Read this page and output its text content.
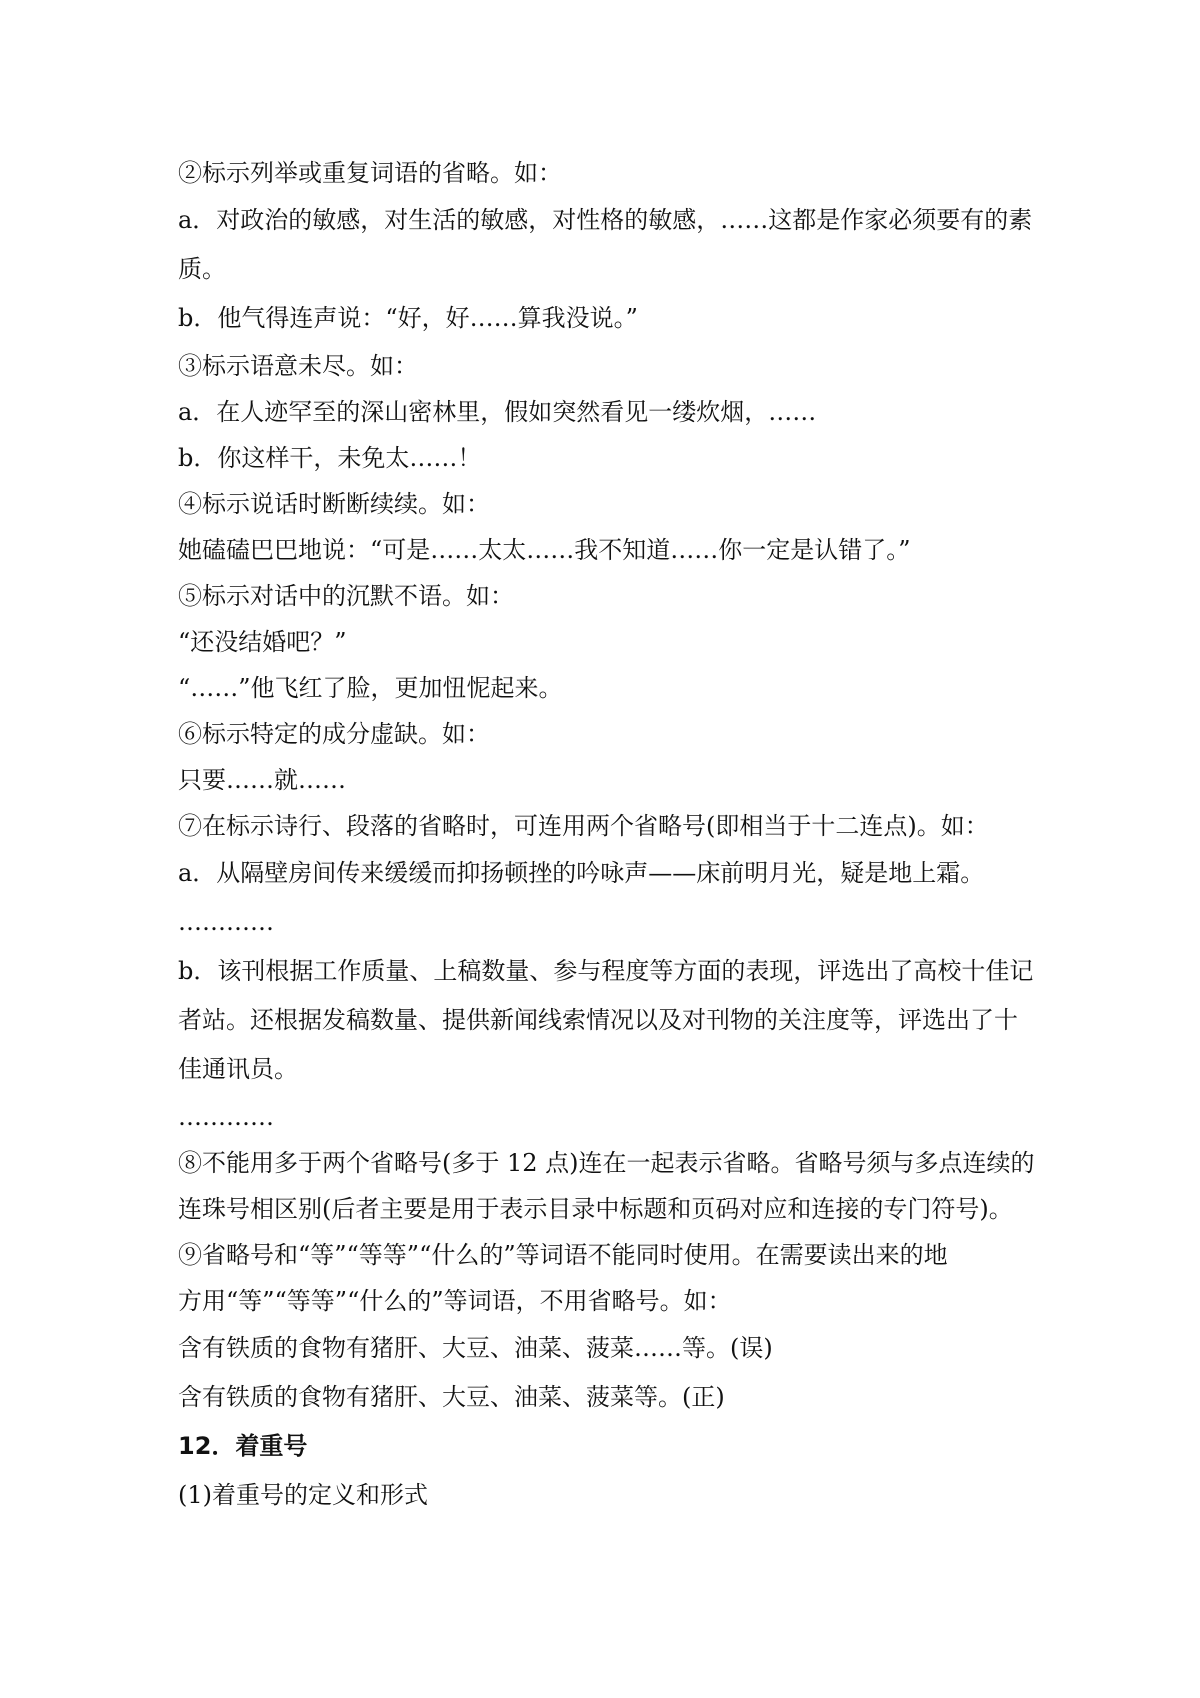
②标示列举或重复词语的省略。如：
a．对政治的敏感，对生活的敏感，对性格的敏感，……这都是作家必须要有的素
质。
b．他气得连声说：“好，好……算我没说。”
③标示语意未尽。如：
a．在人迹罕至的深山密林里，假如突然看见一缕炊烟，……
b．你这样干，未免太……！
④标示说话时断断续续。如：
她磕磕巴巴地说：“可是……太太……我不知道……你一定是认错了。”
⑤标示对话中的沉默不语。如：
“还没结婚吧？”
“……”他飞红了脸，更加忸怩起来。
⑥标示特定的成分虚缺。如：
只要……就……
⑦在标示诗行、段落的省略时，可连用两个省略号(即相当于十二连点)。如：
a．从隔壁房间传来缓缓而抑扬顿挫的吟咏声——床前明月光，疑是地上霜。
…………
b．该刊根据工作质量、上稿数量、参与程度等方面的表现，评选出了高校十佳记
者站。还根据发稿数量、提供新闻线索情况以及对刊物的关注度等，评选出了十
佳通讯员。
…………
⑧不能用多于两个省略号(多于 12 点)连在一起表示省略。省略号须与多点连续的
连珠号相区别(后者主要是用于表示目录中标题和页码对应和连接的专门符号)。
⑨省略号和“等”“等等”“什么的”等词语不能同时使用。在需要读出来的地
方用“等”“等等”“什么的”等词语，不用省略号。如：
含有铁质的食物有猪肝、大豆、油菜、菠菜……等。(误)
含有铁质的食物有猪肝、大豆、油菜、菠菜等。(正)
12．着重号
(1)着重号的定义和形式
